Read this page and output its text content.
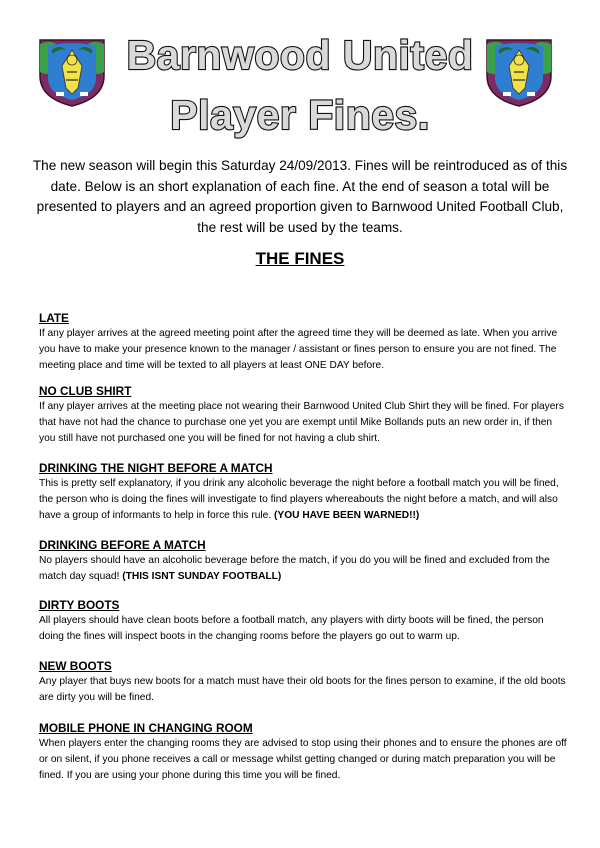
Barnwood United
Player Fines.
The new season will begin this Saturday 24/09/2013. Fines will be reintroduced as of this date. Below is an short explanation of each fine. At the end of season a total will be presented to players and an agreed proportion given to Barnwood United Football Club, the rest will be used by the teams.
THE FINES

LATE

If any player arrives at the agreed meeting point after the agreed time they will be deemed as late. When you arrive you have to make your presence known to the manager / assistant or fines person to ensure you are not fined. The meeting place and time will be texted to all players at least ONE DAY before.

NO CLUB SHIRT

If any player arrives at the meeting place not wearing their Barnwood United Club Shirt they will be fined. For players that have not had the chance to purchase one yet you are exempt until Mike Bollands puts an new order in, if then you still have not purchased one you will be fined for not having a club shirt.

DRINKING THE NIGHT BEFORE A MATCH

This is pretty self explanatory, if you drink any alcoholic beverage the night before a football match you will be fined, the person who is doing the fines will investigate to find players whereabouts the night before a match, and will also have a group of informants to help in force this rule. (YOU HAVE BEEN WARNED!!)

DRINKING BEFORE A MATCH

No players should have an alcoholic beverage before the match, if you do you will be fined and excluded from the match day squad! (THIS ISNT SUNDAY FOOTBALL)

DIRTY BOOTS

All players should have clean boots before a football match, any players with dirty boots will be fined, the person doing the fines will inspect boots in the changing rooms before the players go out to warm up.

NEW BOOTS

Any player that buys new boots for a match must have their old boots for the fines person to examine, if the old boots are dirty you will be fined.

MOBILE PHONE IN CHANGING ROOM

When players enter the changing rooms they are advised to stop using their phones and to ensure the phones are off or on silent, if you phone receives a call or message whilst getting changed or during match preparation you will be fined. If you are using your phone during this time you will be fined.
